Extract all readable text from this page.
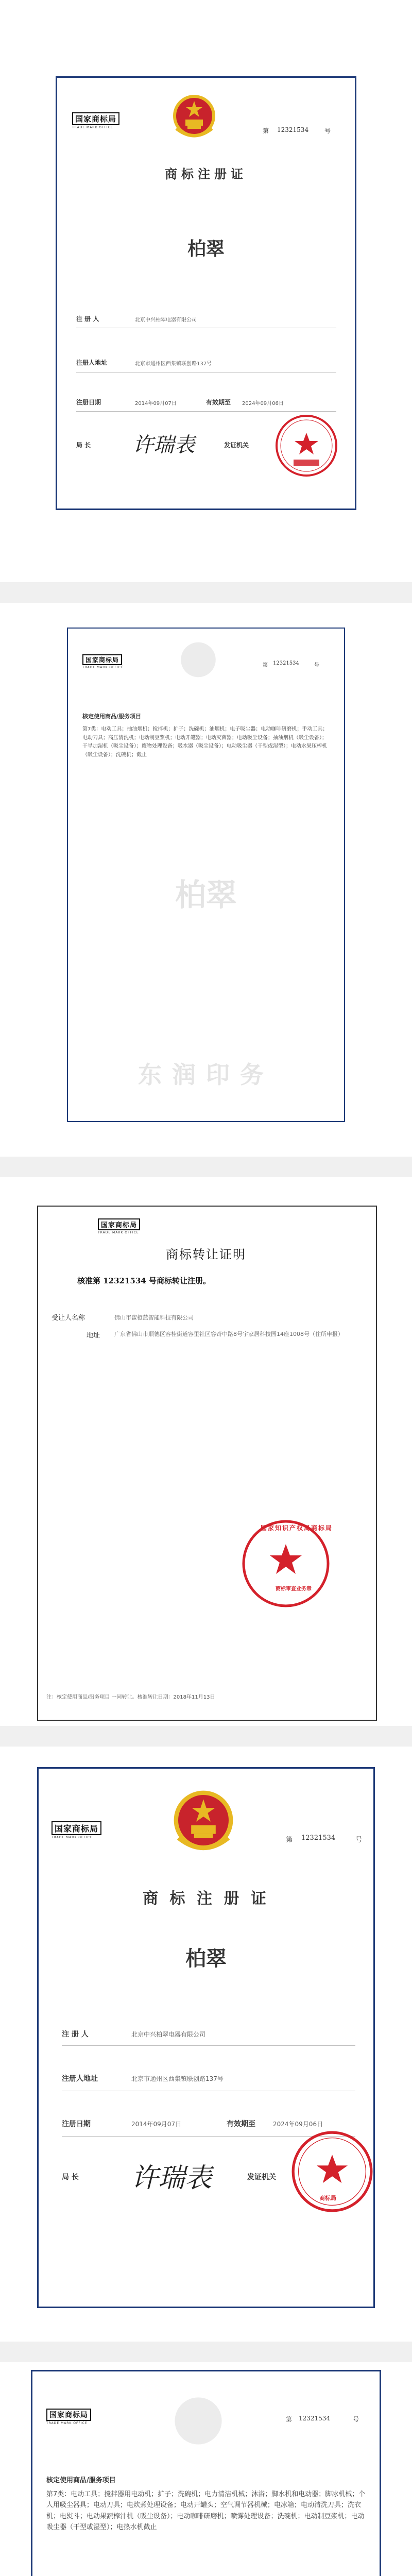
国家商标局
TRADE MARK OFFICE	第 12321534	号
商标注册证
柏翠
注 册 人	北京中兴柏翠电器有限公司
注册人地址	北京市通州区西集镇联创路137号
注册日期	2014年09月07日	有效期至 2024年09月06日
局 长 许瑞表	发证机关
国家商标局
TRADE MARK OFFICE	第 12321534	号
核定使用商品/服务项目
第7类：电动工具；抽油烟机；搅拌机；扩子；洗碗机；油烟机；电子吸尘器；电动咖啡研磨机；手动工具；电动刀具；高压清洗机；电动制豆浆机；电动开罐器；电动灭菌器；电动吸尘设备；抽油烟机（吸尘设备）；干旱加湿机（吸尘设备）；废物处理设备；吸水器（吸尘设备）；电动吸尘器（干型或湿型）；电动水果压榨机（吸尘设备）；洗碗机；截止
柏翠
东润印务
国家商标局
TRADE MARK OFFICE
商标转让证明
核准第 12321534 号商标转让注册。
受让人名称	佛山市蜜橙蓝智能科技有限公司
地址	广东省佛山市顺德区容桂街道容里社区容奇中路8号宇家居科技园14座1008号（住所申报）
商标审查业务章
国家知识产权局商标局
注：核定使用商品/服务项目 一同转让。核准转让日期：2018年11月13日
国家商标局
TRADE MARK OFFICE	第 12321534	号
商 标 注 册 证
柏翠
注 册 人	北京中兴柏翠电器有限公司
注册人地址	北京市通州区西集镇联创路137号
注册日期	2014年09月07日	有效期至	2024年09月06日
局 长 许瑞表	发证机关
商标局
国家商标局
TRADE MARK OFFICE
第 12321534	号
核定使用商品/服务项目
第7类：电动工具；搅拌器用电动机；扩子；洗碗机；电力清洁机械；沐浴；脚水机和电动器；脚冰机械；个人用吸尘器具；电动刀具；电炊煮处理设备；电动开罐头；空气调节器机械；电冰箱；电动清洗刀具；洗衣机；电熨斗；电动果蔬榨汁机（吸尘设备）；电动咖啡研磨机；喷雾处理设备；洗碗机；电动制豆浆机；电动吸尘器（干型或湿型）；电热水机截止
